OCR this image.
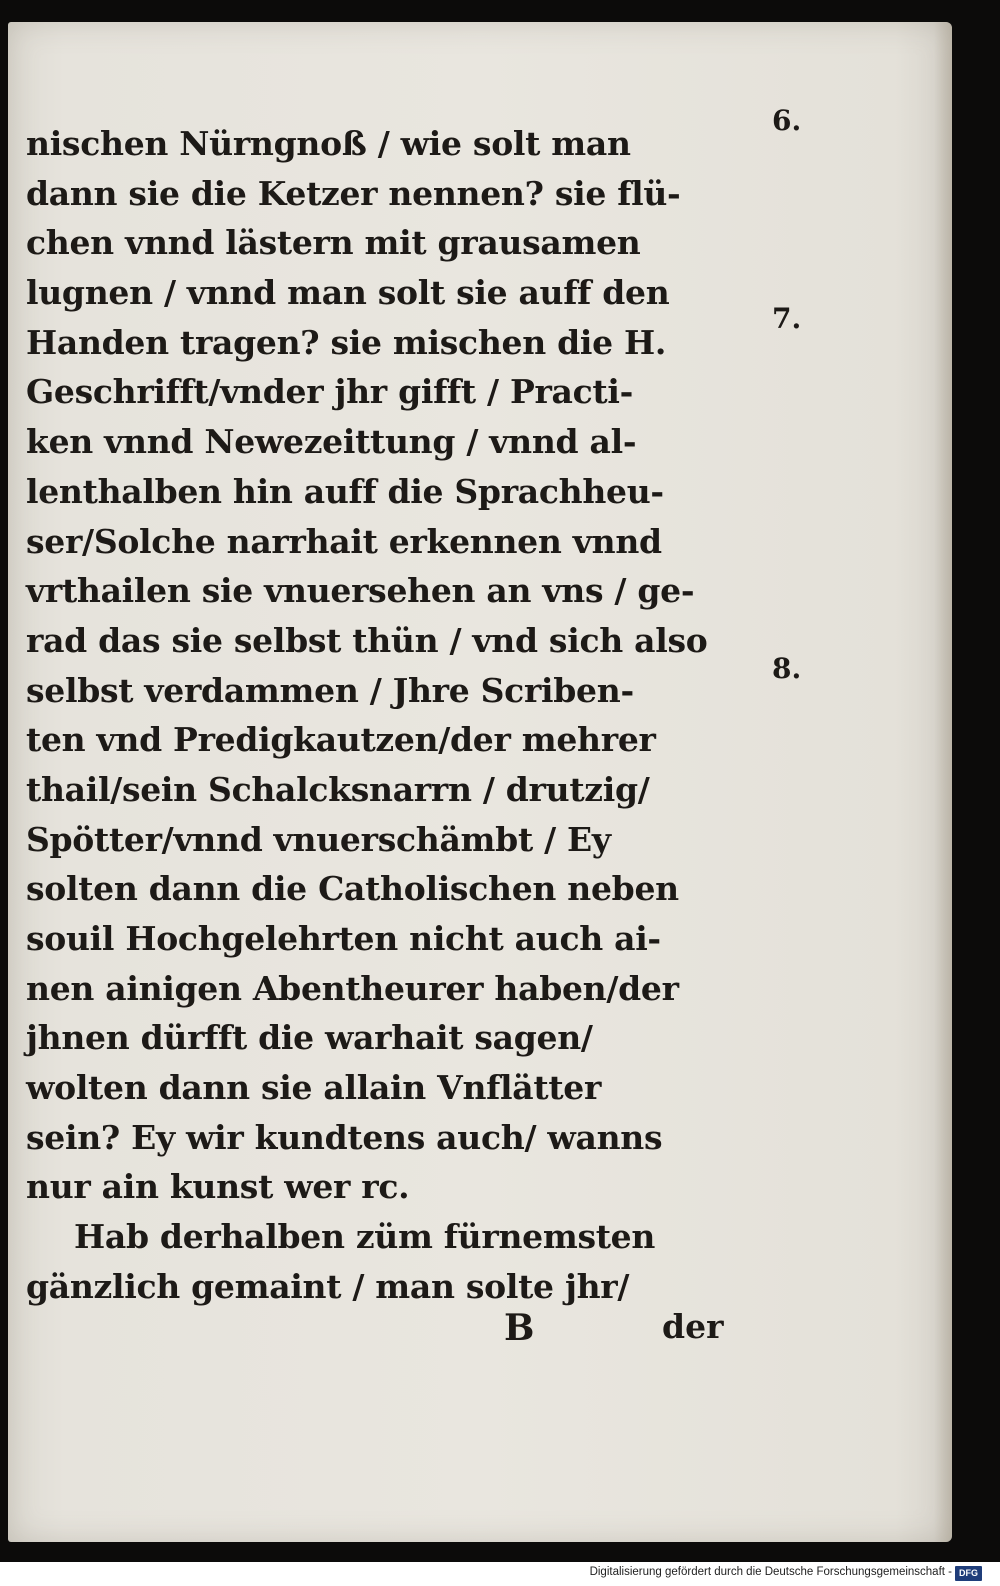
nischen Nürngnoß / wie solt man
dann sie die Ketzer nennen? sie flü-
chen vnnd lästern mit grausamen
lugnen / vnnd man solt sie auff den
Handen tragen? sie mischen die H.
Geschrifft/vnder jhr gifft / Practi-
ken vnnd Newezeittung / vnnd al-
lenthalben hin auff die Sprachheu-
ser/Solche narrhait erkennen vnnd
vrthailen sie vnuersehen an vns / ge-
rad das sie selbst thün / vnd sich also
selbst verdammen / Jhre Scriben-
ten vnd Predigkautzen/der mehrer
thail/sein Schalcksnarrn / drutzig/
Spötter/vnnd vnuerschämbt / Ey
solten dann die Catholischen neben
souil Hochgelehrten nicht auch ai-
nen ainigen Abentheurer haben/der
jhnen dürfft die warhait sagen/
wolten dann sie allain Vnflätter
sein? Ey wir kundtens auch/ wanns
nur ain kunst wer rc.
Hab derhalben züm fürnemsten
gänzlich gemaint / man solte jhr/
B	der
6.
7.
8.
Digitalisierung gefördert durch die Deutsche Forschungsgemeinschaft - DFG
